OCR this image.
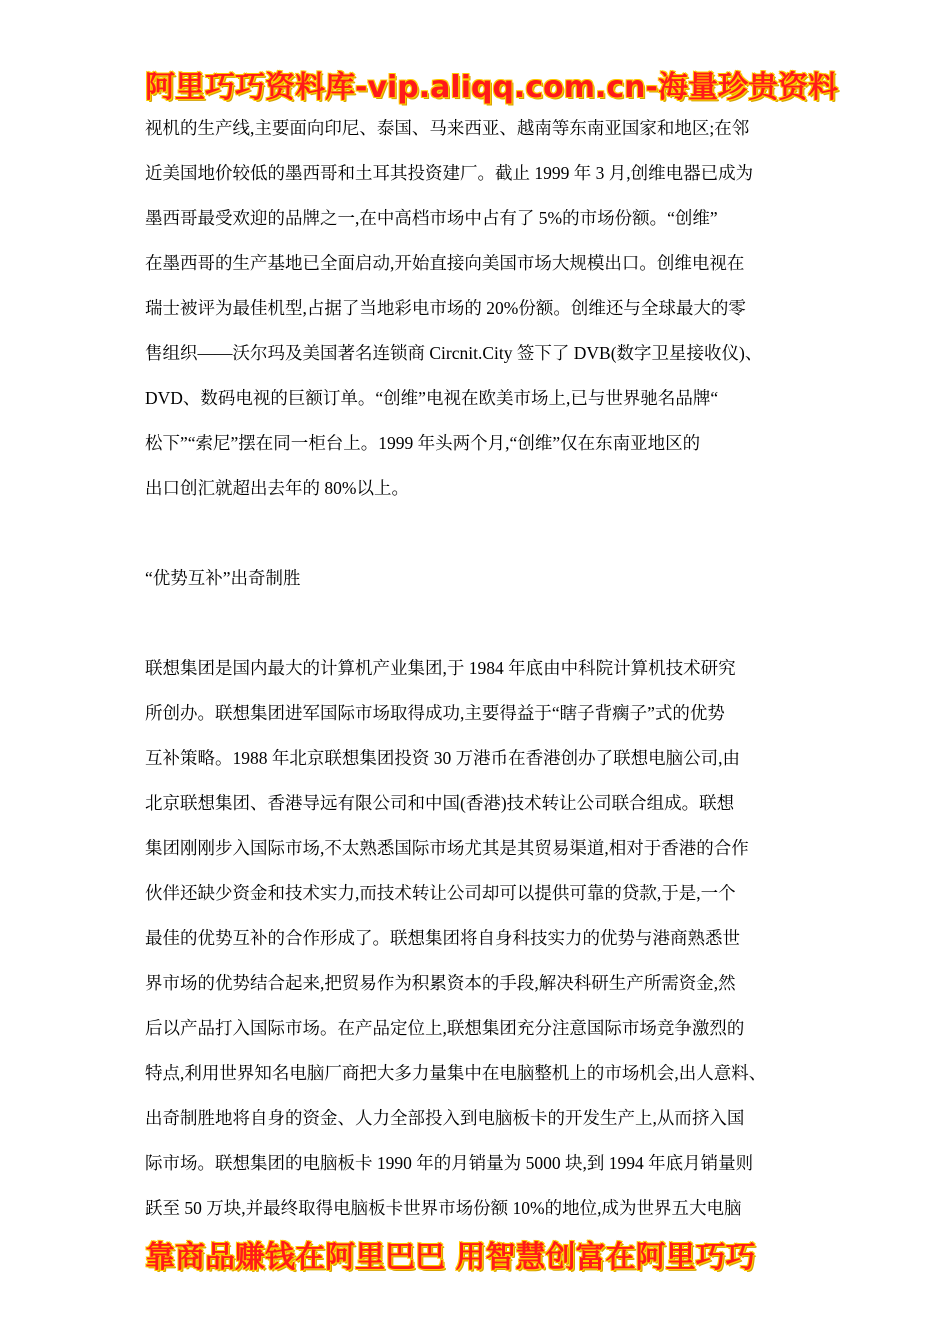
阿里巧巧资料库-vip.aliqq.com.cn-海量珍贵资料
视机的生产线,主要面向印尼、泰国、马来西亚、越南等东南亚国家和地区;在邻
近美国地价较低的墨西哥和土耳其投资建厂。截止 1999 年 3 月,创维电器已成为
墨西哥最受欢迎的品牌之一,在中高档市场中占有了 5%的市场份额。“创维”
在墨西哥的生产基地已全面启动,开始直接向美国市场大规模出口。创维电视在
瑞士被评为最佳机型,占据了当地彩电市场的 20%份额。创维还与全球最大的零
售组织——沃尔玛及美国著名连锁商 Circnit.City 签下了 DVB(数字卫星接收仪)、
DVD、数码电视的巨额订单。“创维”电视在欧美市场上,已与世界驰名品牌“
松下”“索尼”摆在同一柜台上。1999 年头两个月,“创维”仅在东南亚地区的
出口创汇就超出去年的 80%以上。
“优势互补”出奇制胜
联想集团是国内最大的计算机产业集团,于 1984 年底由中科院计算机技术研究
所创办。联想集团进军国际市场取得成功,主要得益于“瞎子背瘸子”式的优势
互补策略。1988 年北京联想集团投资 30 万港币在香港创办了联想电脑公司,由
北京联想集团、香港导远有限公司和中国(香港)技术转让公司联合组成。联想
集团刚刚步入国际市场,不太熟悉国际市场尤其是其贸易渠道,相对于香港的合作
伙伴还缺少资金和技术实力,而技术转让公司却可以提供可靠的贷款,于是,一个
最佳的优势互补的合作形成了。联想集团将自身科技实力的优势与港商熟悉世
界市场的优势结合起来,把贸易作为积累资本的手段,解决科研生产所需资金,然
后以产品打入国际市场。在产品定位上,联想集团充分注意国际市场竞争激烈的
特点,利用世界知名电脑厂商把大多力量集中在电脑整机上的市场机会,出人意料、
出奇制胜地将自身的资金、人力全部投入到电脑板卡的开发生产上,从而挤入国
际市场。联想集团的电脑板卡 1990 年的月销量为 5000 块,到 1994 年底月销量则
跃至 50 万块,并最终取得电脑板卡世界市场份额 10%的地位,成为世界五大电脑
靠商品赚钱在阿里巴巴 用智慧创富在阿里巧巧
